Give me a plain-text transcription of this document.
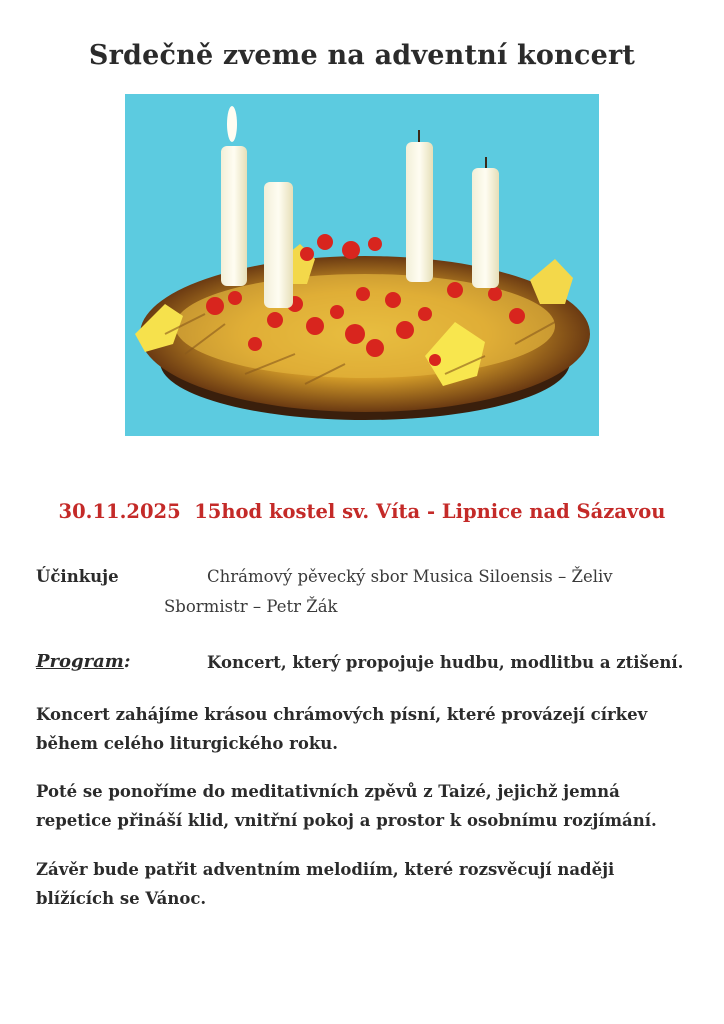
Srdečně zveme na adventní koncert
30.11.2025 15hod kostel sv. Víta - Lipnice nad Sázavou
Účinkuje	Chrámový pěvecký sbor Musica Siloensis – Želiv
Sbormistr – Petr Žák
Program:	Koncert, který propojuje hudbu, modlitbu a ztišení.
Koncert zahájíme krásou chrámových písní, které provázejí církev během celého liturgického roku.
Poté se ponoříme do meditativních zpěvů z Taizé, jejichž jemná repetice přináší klid, vnitřní pokoj a prostor k osobnímu rozjímání.
Závěr bude patřit adventním melodiím, které rozsvěcují naději blížících se Vánoc.
